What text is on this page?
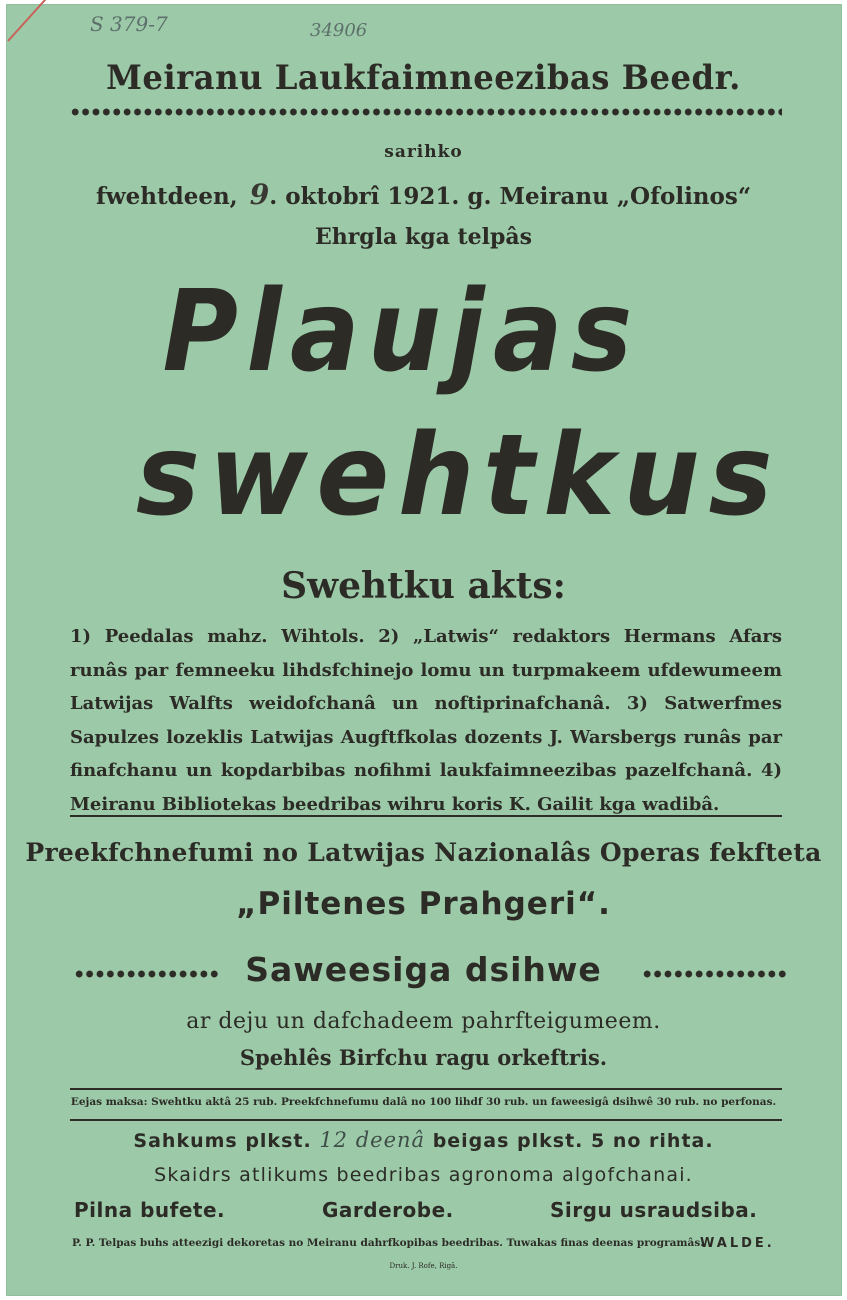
S 379-7	34906
Meiranu Laukfaimneezibas Beedr.
sarihko
fwehtdeen, 9. oktobrî 1921. g. Meiranu „Ofolinos“
Ehrgla kga telpâs
Plaujas
swehtkus
Swehtku akts:
1) Peedalas mahz. Wihtols. 2) „Latwis“ redaktors Hermans Afars runâs par femneeku lihdsfchinejo lomu un turpmakeem ufdewumeem Latwijas Walfts weidofchanâ un noftiprinafchanâ. 3) Satwerfmes Sapulzes lozeklis Latwijas Augftfkolas dozents J. Warsbergs runâs par finafchanu un kopdarbibas nofihmi laukfaimneezibas pazelfchanâ. 4) Meiranu Bibliotekas beedribas wihru koris K. Gailit kga wadibâ.
Preekfchnefumi no Latwijas Nazionalâs Operas fekfteta
„Piltenes Prahgeri“.
Saweesiga dsihwe
ar deju un dafchadeem pahrfteigumeem.
Spehlês Birfchu ragu orkeftris.
Eejas maksa: Swehtku aktâ 25 rub. Preekfchnefumu dalâ no 100 lihdf 30 rub. un faweesigâ dsihwê 30 rub. no perfonas.
Sahkums plkst. 12 deenâ beigas plkst. 5 no rihta.
Skaidrs atlikums beedribas agronoma algofchanai.
Pilna bufete.	Garderobe.	Sirgu usraudsiba.
P. P. Telpas buhs atteezigi dekoretas no Meiranu dahrfkopibas beedribas. Tuwakas finas deenas programâs.
WALDE.
Druk. J. Rofe, Rigâ.
